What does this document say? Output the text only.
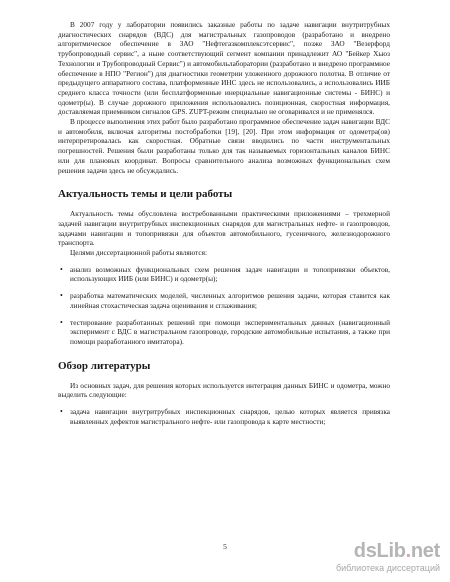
В 2007 году у лаборатории появились заказные работы по задаче навигации внутритрубных диагностических снарядов (ВДС) для магистральных газопроводов (разработано и внедрено алгоритмическое обеспечение в ЗАО "Нефтегазкомплексэтсервис", позже ЗАО "Везерфорд трубопроводный сервис", а ныне соответствующий сегмент компании принадлежит АО "Бейкер Хьюз Технологии и Трубопроводный Сервис") и автомобильлаборатории (разработано и внедрено программное обеспечение в НПО "Регион") для диагностики геометрии уложенного дорожного полотна. В отличие от предыдущего аппаратного состава, платформенные ИНС здесь не использовались, а использовались ИИБ среднего класса точности (или бесплатформенные инерциальные навигационные системы - БИНС) и одометр(ы). В случае дорожного приложения использовались позиционная, скоростная информация, доставляемая приемником сигналов GPS. ZUPT-режим специально не оговаривался и не применялся.

В процессе выполнения этих работ было разработано программное обеспечение задач навигации ВДС и автомобиля, включая алгоритмы постобработки [19], [20]. При этом информация от одометра(ов) интерпретировалась как скоростная. Обратные связи вводились по части инструментальных погрешностей. Решения были разработаны только для так называемых горизонтальных каналов БИНС или для плановых координат. Вопросы сравнительного анализа возможных функциональных схем решения задачи здесь не обсуждались.

Актуальность темы и цели работы

Актуальность темы обусловлена востребованными практическими приложениями – трехмерной задачей навигации внутритрубных инспекционных снарядов для магистральных нефте- и газопроводов, задачами навигации и топопривязки для объектов автомобильного, гусеничного, железнодорожного транспорта.

Целями диссертационной работы являются:

• анализ возможных функциональных схем решения задач навигации и топопривязки объектов, использующих ИИБ (или БИНС) и одометр(ы);

• разработка математических моделей, численных алгоритмов решения задачи, которая ставится как линейная стохастическая задача оценивания и сглаживания;

• тестирование разработанных решений при помощи экспериментальных данных (навигационный эксперимент с ВДС в магистральном газопроводе, городские автомобильные испытания, а также при помощи разработанного имитатора).

Обзор литературы

Из основных задач, для решения которых используется интеграция данных БИНС и одометра, можно выделить следующие:

• задача навигации внутритрубных инспекционных снарядов, целью которых является привязка выявленных дефектов магистрального нефте- или газопровода к карте местности;

5	dsLib.net
библиотека диссертаций
